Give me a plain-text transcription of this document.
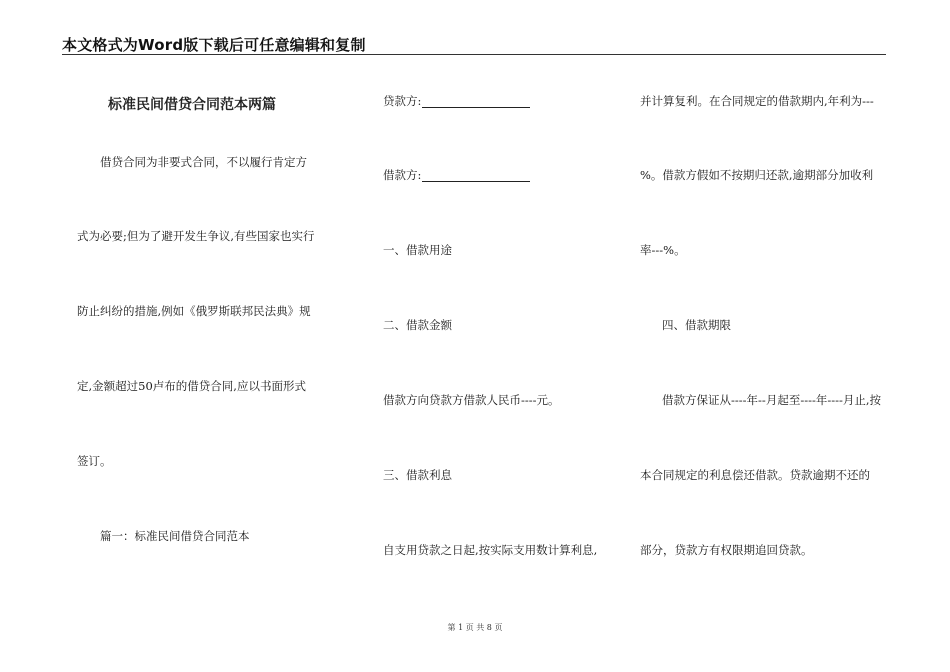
本文格式为Word版下载后可任意编辑和复制
标准民间借贷合同范本两篇
借贷合同为非要式合同，不以履行肯定方
式为必要;但为了避开发生争议,有些国家也实行
防止纠纷的措施,例如《俄罗斯联邦民法典》规
定,金额超过50卢布的借贷合同,应以书面形式
签订。
篇一：标准民间借贷合同范本
贷款方:
借款方:
一、借款用途
二、借款金额
借款方向贷款方借款人民币----元。
三、借款利息
自支用贷款之日起,按实际支用数计算利息,
并计算复利。在合同规定的借款期内,年利为---
%。借款方假如不按期归还款,逾期部分加收利
率---%。
四、借款期限
借款方保证从----年--月起至----年----月止,按
本合同规定的利息偿还借款。贷款逾期不还的
部分，贷款方有权限期追回贷款。
第 1 页 共 8 页
